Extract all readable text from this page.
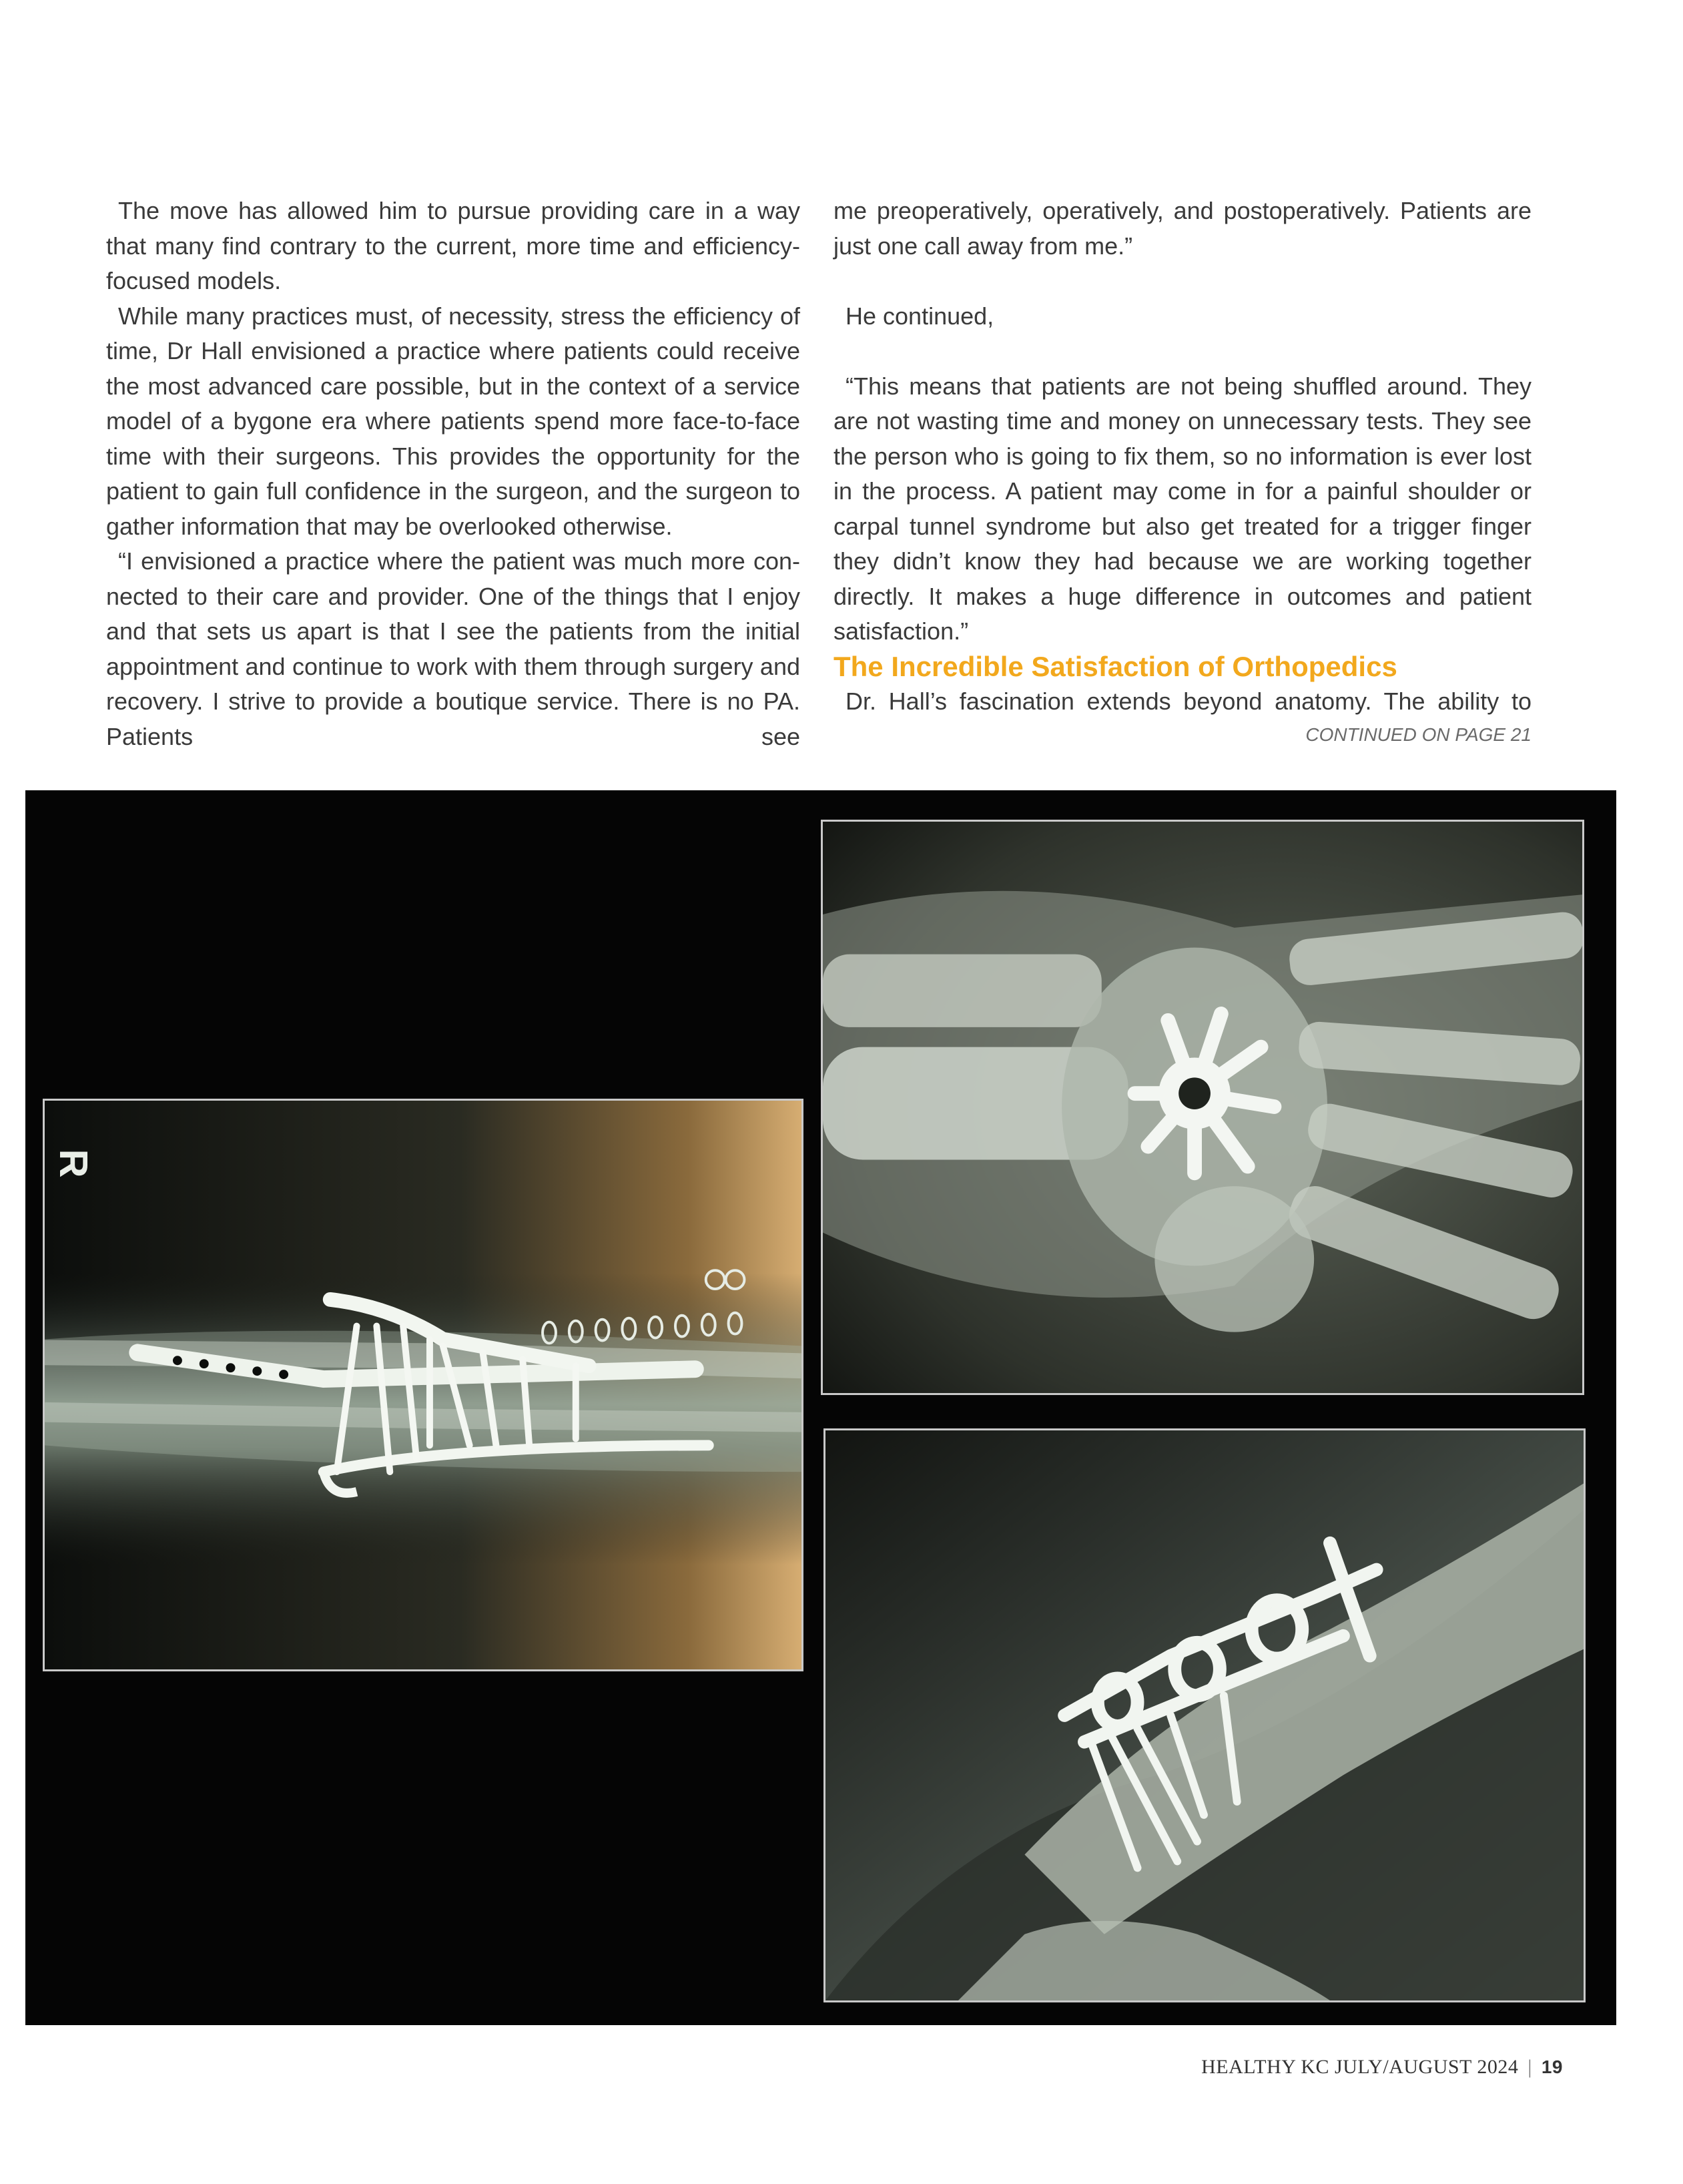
The move has allowed him to pursue providing care in a way that many find contrary to the current, more time and efficiency-focused models.

While many practices must, of necessity, stress the efficiency of time, Dr Hall envisioned a practice where patients could receive the most advanced care possible, but in the context of a service model of a bygone era where patients spend more face-to-face time with their surgeons. This provides the opportunity for the patient to gain full confidence in the surgeon, and the surgeon to gather information that may be overlooked otherwise.

“I envisioned a practice where the patient was much more connected to their care and provider. One of the things that I enjoy and that sets us apart is that I see the patients from the initial appointment and continue to work with them through surgery and recovery. I strive to provide a boutique service. There is no PA. Patients see

me preoperatively, operatively, and postoperatively. Patients are just one call away from me.”

He continued,

“This means that patients are not being shuffled around. They are not wasting time and money on unnecessary tests. They see the person who is going to fix them, so no information is ever lost in the process. A patient may come in for a painful shoulder or carpal tunnel syndrome but also get treated for a trigger finger they didn’t know they had because we are working together directly. It makes a huge difference in outcomes and patient satisfaction.”

The Incredible Satisfaction of Orthopedics

Dr. Hall’s fascination extends beyond anatomy. The ability to

CONTINUED ON PAGE 21
R
HEALTHY KC JULY/AUGUST 2024 | 19
